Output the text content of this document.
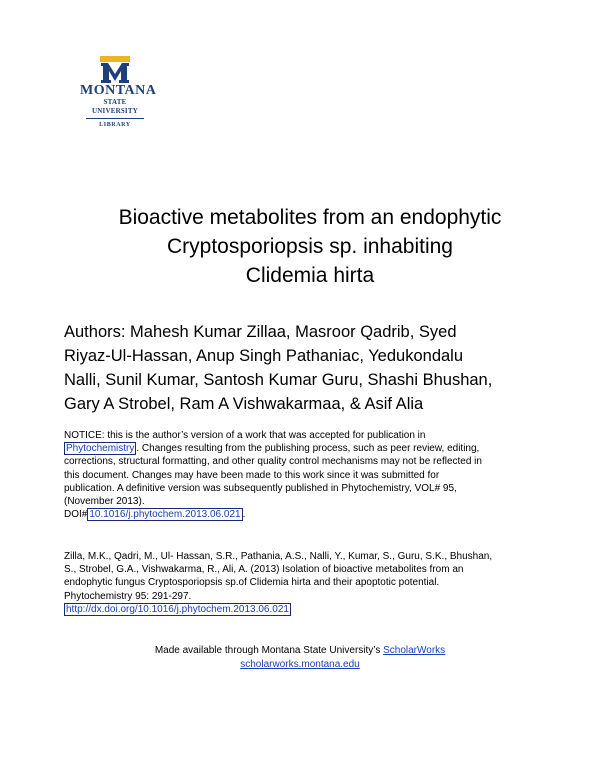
MONTANA
STATE UNIVERSITY
LIBRARY
Bioactive metabolites from an endophytic
Cryptosporiopsis sp. inhabiting
Clidemia hirta
Authors: Mahesh Kumar Zillaa, Masroor Qadrib, Syed
Riyaz-Ul-Hassan, Anup Singh Pathaniac, Yedukondalu
Nalli, Sunil Kumar, Santosh Kumar Guru, Shashi Bhushan,
Gary A Strobel, Ram A Vishwakarmaa, & Asif Alia
NOTICE: this is the author’s version of a work that was accepted for publication in
Phytochemistry . Changes resulting from the publishing process, such as peer review, editing,
corrections, structural formatting, and other quality control mechanisms may not be reflected in
this document. Changes may have been made to this work since it was submitted for
publication. A definitive version was subsequently published in Phytochemistry, VOL# 95,
(November 2013).
DOI# 10.1016/j.phytochem.2013.06.021 .
Zilla, M.K., Qadri, M., Ul- Hassan, S.R., Pathania, A.S., Nalli, Y., Kumar, S., Guru, S.K., Bhushan,
S., Strobel, G.A., Vishwakarma, R., Ali, A. (2013) Isolation of bioactive metabolites from an
endophytic fungus Cryptosporiopsis sp.of Clidemia hirta and their apoptotic potential.
Phytochemistry 95: 291-297.
http://dx.doi.org/10.1016/j.phytochem.2013.06.021
Made available through Montana State University’s ScholarWorks
scholarworks.montana.edu
